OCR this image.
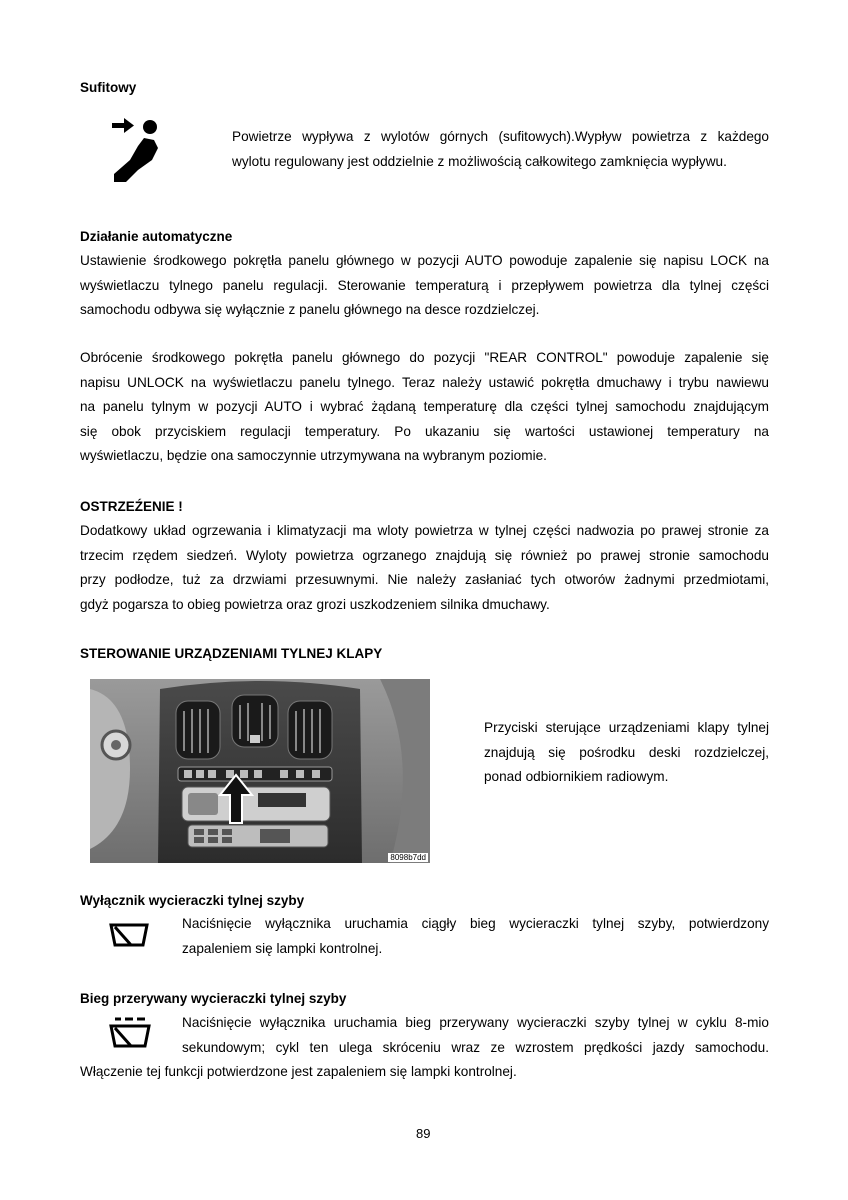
Sufitowy
Powietrze wypływa z wylotów górnych (sufitowych).Wypływ powietrza z każdego
wylotu regulowany jest oddzielnie z możliwością całkowitego zamknięcia wypływu.
Działanie automatyczne
Ustawienie środkowego pokrętła panelu głównego w pozycji AUTO powoduje zapalenie się napisu LOCK na
wyświetlaczu tylnego panelu regulacji. Sterowanie temperaturą i przepływem powietrza dla tylnej części
samochodu odbywa się wyłącznie z panelu głównego na desce rozdzielczej.
Obrócenie środkowego pokrętła panelu głównego do pozycji "REAR CONTROL" powoduje zapalenie się
napisu UNLOCK na wyświetlaczu panelu tylnego. Teraz należy ustawić pokrętła dmuchawy i trybu nawiewu
na panelu tylnym w pozycji AUTO i wybrać żądaną temperaturę dla części tylnej samochodu znajdującym
się obok przyciskiem regulacji temperatury. Po ukazaniu się wartości ustawionej temperatury na
wyświetlaczu, będzie ona samoczynnie utrzymywana na wybranym poziomie.
OSTRZEŹENIE !
Dodatkowy układ ogrzewania i klimatyzacji ma wloty powietrza w tylnej części nadwozia po prawej stronie za
trzecim rzędem siedzeń. Wyloty powietrza ogrzanego znajdują się również po prawej stronie samochodu
przy podłodze, tuż za drzwiami przesuwnymi. Nie należy zasłaniać tych otworów żadnymi przedmiotami,
gdyż pogarsza to obieg powietrza oraz grozi uszkodzeniem silnika dmuchawy.
STEROWANIE URZĄDZENIAMI TYLNEJ KLAPY
8098b7dd
Przyciski sterujące urządzeniami klapy tylnej
znajdują się pośrodku deski rozdzielczej,
ponad odbiornikiem radiowym.
Wyłącznik wycieraczki tylnej szyby
Naciśnięcie wyłącznika uruchamia ciągły bieg wycieraczki tylnej szyby, potwierdzony
zapaleniem się lampki kontrolnej.
Bieg przerywany wycieraczki tylnej szyby
Naciśnięcie wyłącznika uruchamia bieg przerywany wycieraczki szyby tylnej w cyklu 8-mio
sekundowym; cykl ten ulega skróceniu wraz ze wzrostem prędkości jazdy samochodu.
Włączenie tej funkcji potwierdzone jest zapaleniem się lampki kontrolnej.
89
